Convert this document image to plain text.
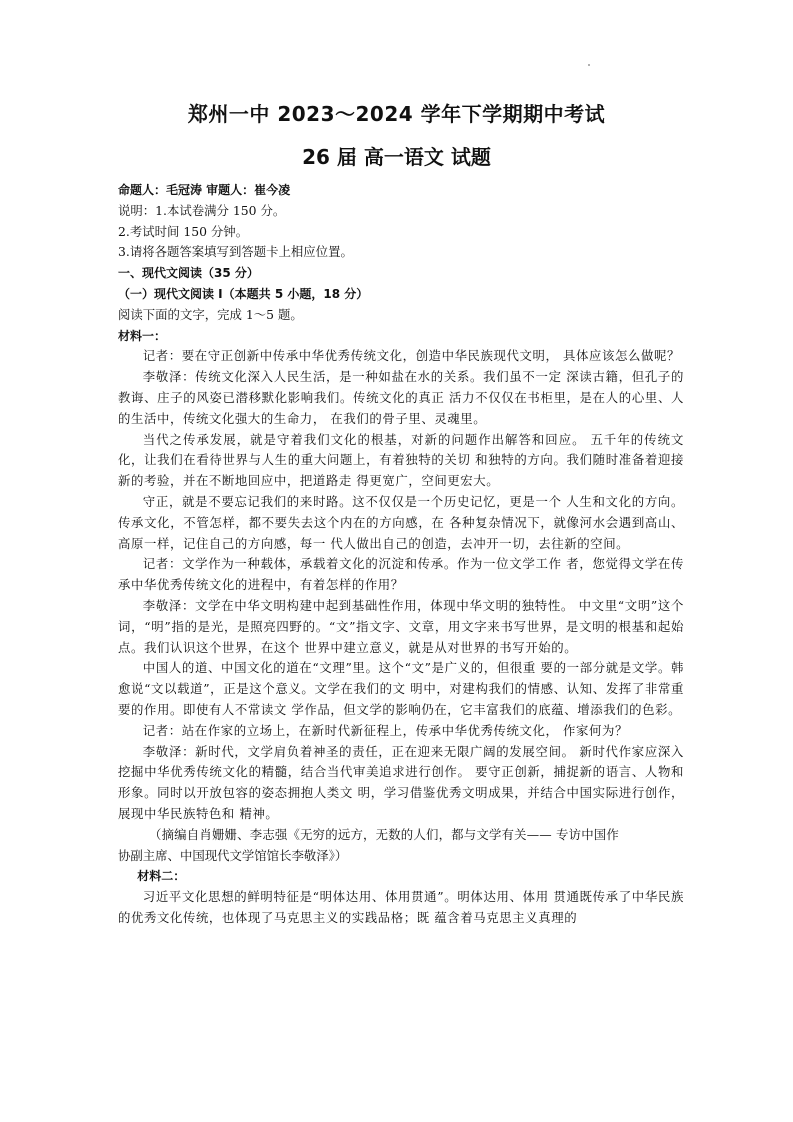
郑州一中 2023～2024 学年下学期期中考试
26 届 高一语文 试题

命题人：毛冠涛 审题人：崔今凌

说明：1.本试卷满分 150 分。

2.考试时间 150 分钟。

3.请将各题答案填写到答题卡上相应位置。

一、现代文阅读（35 分）

（一）现代文阅读 I（本题共 5 小题，18 分）

阅读下面的文字，完成 1～5 题。

材料一：

记者：要在守正创新中传承中华优秀传统文化，创造中华民族现代文明， 具体应该怎么做呢？

李敬泽：传统文化深入人民生活，是一种如盐在水的关系。我们虽不一定 深读古籍，但孔子的教诲、庄子的风姿已潜移默化影响我们。传统文化的真正 活力不仅仅在书柜里，是在人的心里、人的生活中，传统文化强大的生命力， 在我们的骨子里、灵魂里。

当代之传承发展，就是守着我们文化的根基，对新的问题作出解答和回应。 五千年的传统文化，让我们在看待世界与人生的重大问题上，有着独特的关切 和独特的方向。我们随时准备着迎接新的考验，并在不断地回应中，把道路走 得更宽广，空间更宏大。

守正，就是不要忘记我们的来时路。这不仅仅是一个历史记忆，更是一个 人生和文化的方向。传承文化，不管怎样，都不要失去这个内在的方向感，在 各种复杂情况下，就像河水会遇到高山、高原一样，记住自己的方向感，每一 代人做出自己的创造，去冲开一切，去往新的空间。

记者：文学作为一种载体，承载着文化的沉淀和传承。作为一位文学工作 者，您觉得文学在传承中华优秀传统文化的进程中，有着怎样的作用？

李敬泽：文学在中华文明构建中起到基础性作用，体现中华文明的独特性。 中文里“文明”这个词，“明”指的是光，是照亮四野的。“文”指文字、文章，用文字来书写世界，是文明的根基和起始点。我们认识这个世界，在这个 世界中建立意义，就是从对世界的书写开始的。

中国人的道、中国文化的道在“文理”里。这个“文”是广义的，但很重 要的一部分就是文学。韩愈说“文以载道”，正是这个意义。文学在我们的文 明中，对建构我们的情感、认知、发挥了非常重要的作用。即使有人不常读文 学作品，但文学的影响仍在，它丰富我们的底蕴、增添我们的色彩。

记者：站在作家的立场上，在新时代新征程上，传承中华优秀传统文化， 作家何为？

李敬泽：新时代，文学肩负着神圣的责任，正在迎来无限广阔的发展空间。 新时代作家应深入挖掘中华优秀传统文化的精髓，结合当代审美追求进行创作。 要守正创新，捕捉新的语言、人物和形象。同时以开放包容的姿态拥抱人类文 明，学习借鉴优秀文明成果，并结合中国实际进行创作，展现中华民族特色和 精神。

（摘编自肖姗姗、李志强《无穷的远方，无数的人们，都与文学有关—— 专访中国作

协副主席、中国现代文学馆馆长李敬泽》）

材料二：

习近平文化思想的鲜明特征是“明体达用、体用贯通”。明体达用、体用 贯通既传承了中华民族的优秀文化传统，也体现了马克思主义的实践品格；既 蕴含着马克思主义真理的
